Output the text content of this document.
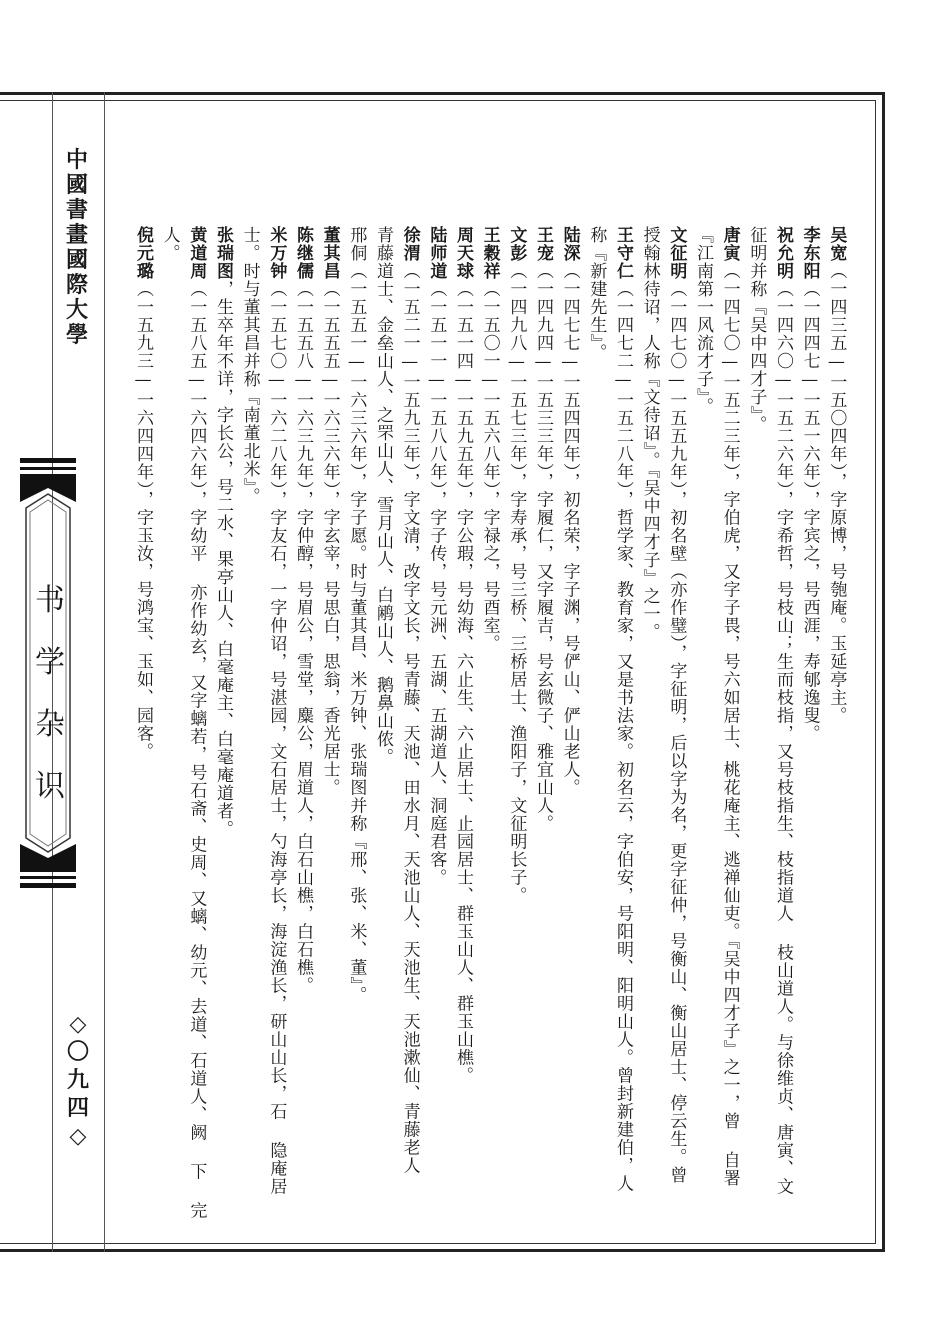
中
國
書
畫
國
際
大
學
书
学
杂
识
◇
〇
九
四
◇
吴宽（一四三五—一五〇四年），字原博，号匏庵。玉延亭主。
李东阳（一四四七—一五一六年），字宾之，号西涯，寿郇逸叟。
祝允明（一四六〇—一五二六年），字希哲，号枝山；生而枝指，又号枝指生、枝指道人 枝山道人。与徐维贞、唐寅、文
征明并称『吴中四才子』。
唐寅（一四七〇—一五二三年），字伯虎，又字子畏，号六如居士、桃花庵主、逃禅仙吏。『吴中四才子』之一，曾 自署
『江南第一风流才子』。
文征明（一四七〇—一五五九年），初名壁（亦作璧），字征明，后以字为名，更字征仲，号衡山、衡山居士、停云生。曾
授翰林待诏，人称『文待诏』。『吴中四才子』之一。
王守仁（一四七二—一五二八年），哲学家、教育家，又是书法家。初名云，字伯安，号阳明、阳明山人。曾封新建伯，人
称『新建先生』。
陆深（一四七七—一五四四年），初名荣，字子渊，号俨山、俨山老人。
王宠（一四九四—一五三三年），字履仁，又字履吉，号玄微子、雅宜山人。
文彭（一四九八—一五七三年），字寿承，号三桥、三桥居士、渔阳子，文征明长子。
王穀祥（一五〇一—一五六八年），字禄之，号酉室。
周天球（一五一四—一五九五年），字公瑕，号幼海、六止生、六止居士、止园居士、群玉山人、群玉山樵。
陆师道（一五一一—一五八八年），字子传，号元洲、五湖、五湖道人、洞庭君客。
徐渭（一五二一—一五九三年），字文清，改字文长，号青藤、天池、田水月、天池山人、天池生、天池漱仙、青藤老人
青藤道士、金垒山人、之罘山人、雪月山人、白鹇山人、鹅鼻山侬。
邢侗（一五五一—一六三六年），字子愿。时与董其昌、米万钟、张瑞图并称『邢、张、米、董』。
董其昌（一五五五—一六三六年），字玄宰，号思白，思翁，香光居士。
陈继儒（一五五八—一六三九年），字仲醇，号眉公，雪堂，麋公，眉道人，白石山樵，白石樵。
米万钟（一五七〇—一六二八年），字友石，一字仲诏，号湛园，文石居士，勺海亭长，海淀渔长，研山山长，石 隐庵居
士。时与董其昌并称『南董北米』。
张瑞图，生卒年不详，字长公，号二水、果亭山人、白毫庵主、白毫庵道者。
黄道周（一五八五—一六四六年），字幼平 亦作幼玄，又字螭若，号石斋、史周、又螭、幼元、去道、石道人、阙 下 完
人。
倪元璐（一五九三—一六四四年），字玉汝，号鸿宝、玉如、园客。
